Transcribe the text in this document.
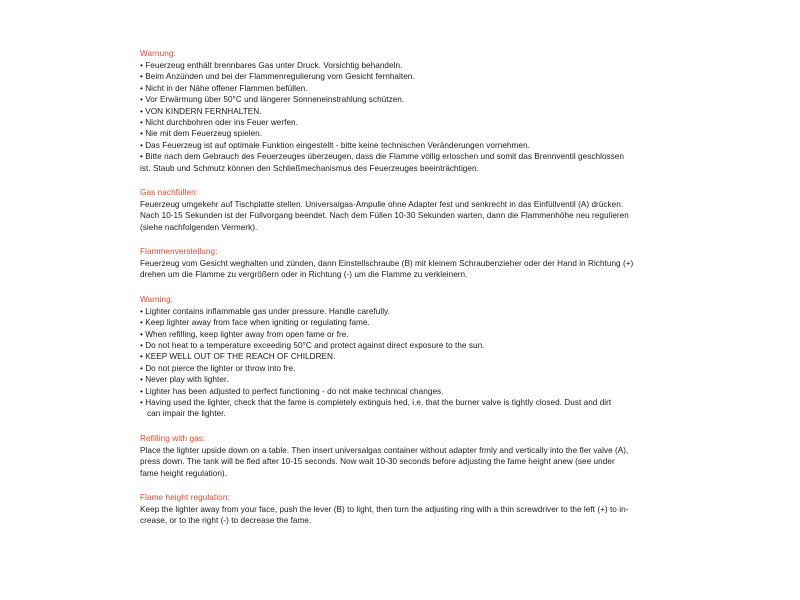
Warnung:

• Feuerzeug enthält brennbares Gas unter Druck. Vorsichtig behandeln.

• Beim Anzünden und bei der Flammenregulierung vom Gesicht fernhalten.

• Nicht in der Nähe offener Flammen befüllen.

• Vor Erwärmung über 50°C und längerer Sonneneinstrahlung schützen.

• VON KINDERN FERNHALTEN.

• Nicht durchbohren oder ins Feuer werfen.

• Nie mit dem Feuerzeug spielen.

• Das Feuerzeug ist auf optimale Funktion eingestellt - bitte keine technischen Veränderungen vornehmen.

• Bitte nach dem Gebrauch des Feuerzeuges überzeugen, dass die Flamme völlig erloschen und somit das Brennventil geschlossen

ist. Staub und Schmutz können den Schließmechanismus des Feuerzeuges beeinträchtigen.

Gas nachfüllen:

Feuerzeug umgekehr auf Tischplatte stellen. Universalgas-Ampulle ohne Adapter fest und senkrecht in das Einfüllventil (A) drücken.

Nach 10-15 Sekunden ist der Füllvorgang beendet. Nach dem Füllen 10-30 Sekunden warten, dann die Flammenhöhe neu regulieren

(siehe nachfolgenden Vermerk).

Flammenverstellung:

Feuerzeug vom Gesicht weghalten und zünden, dann Einstellschraube (B) mit kleinem Schraubenzieher oder der Hand in Richtung (+)

drehen um die Flamme zu vergrößern oder in Richtung (-) um die Flamme zu verkleinern.

Warning:

• Lighter contains inflammable gas under pressure. Handle carefully.

• Keep lighter away from face when igniting or regulating fame.

• When refilling, keep lighter away from open fame or fre.

• Do not heat to a temperature exceeding 50°C and protect against direct exposure to the sun.

• KEEP WELL OUT OF THE REACH OF CHILDREN.

• Do not pierce the lighter or throw into fre.

• Never play with lighter.

• Lighter has been adjusted to perfect functioning - do not make technical changes.

• Having used the lighter, check that the fame is completely extinguis hed, i.e. that the burner valve is tightly closed. Dust and dirt

can impair the lighter.

Refilling with gas:

Place the lighter upside down on a table. Then insert universalgas container without adapter frmly and vertically into the fler valve (A),

press down. The tank will be fled after 10-15 seconds. Now wait 10-30 seconds before adjusting the fame height anew (see under

fame height regulation).

Flame height regulation:

Keep the lighter away from your face, push the lever (B) to light, then turn the adjusting ring with a thin screwdriver to the left (+) to in-

crease, or to the right (-) to decrease the fame.
